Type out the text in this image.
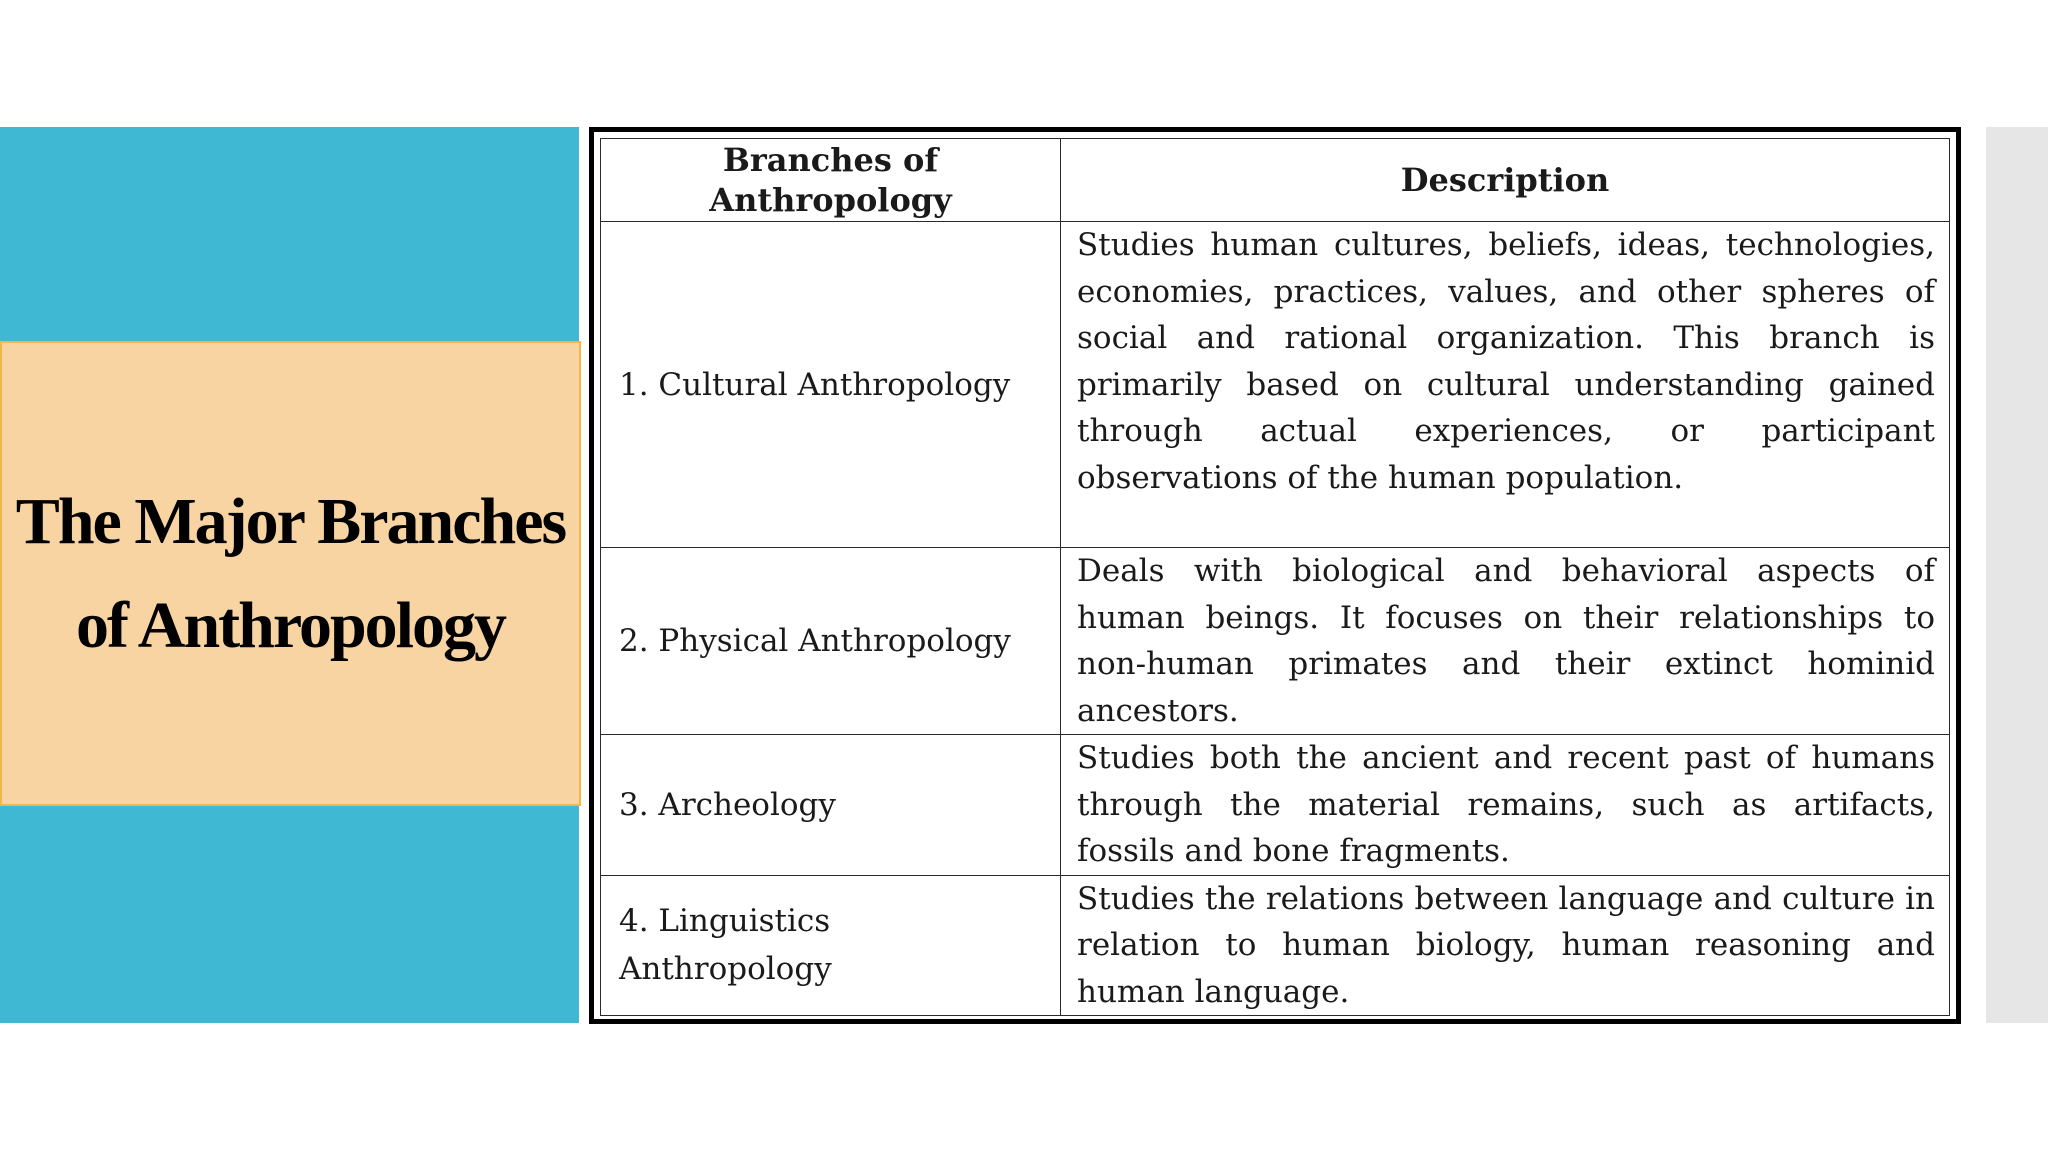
The Major Branches
of Anthropology
Branches of Anthropology	Description
1. Cultural Anthropology	Studies human cultures, beliefs, ideas, technologies, economies, practices, values, and other spheres of social and rational organization. This branch is primarily based on cultural understanding gained through actual experiences, or participant observations of the human population.
2. Physical Anthropology	Deals with biological and behavioral aspects of human beings. It focuses on their relationships to non-human primates and their extinct hominid ancestors.
3. Archeology	Studies both the ancient and recent past of humans through the material remains, such as artifacts, fossils and bone fragments.
4. Linguistics Anthropology	Studies the relations between language and culture in relation to human biology, human reasoning and human language.
